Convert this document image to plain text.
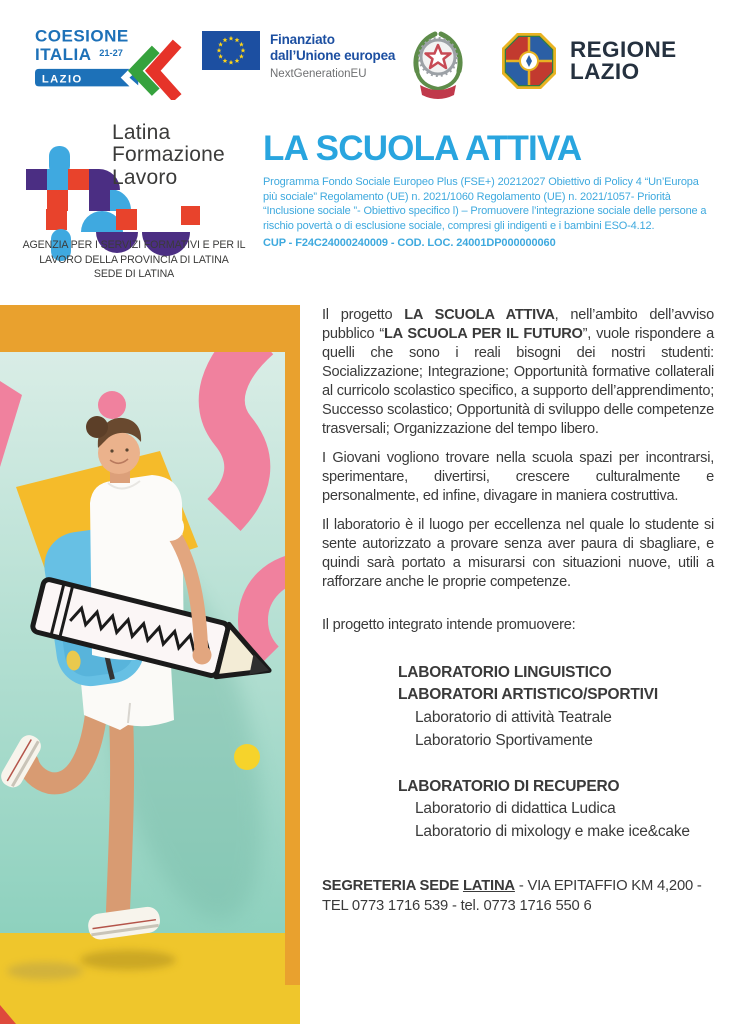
COESIONE
ITALIA 21-27
LAZIO
Finanziato
dall’Unione europea
NextGenerationEU
REGIONE
LAZIO
Latina
Formazione
Lavoro
AGENZIA PER I SERVIZI FORMATIVI E PER IL
LAVORO DELLA PROVINCIA DI LATINA
SEDE DI LATINA
LA SCUOLA ATTIVA

Programma Fondo Sociale Europeo Plus (FSE+) 20212027 Obiettivo di Policy 4 “Un’Europa più sociale” Regolamento (UE) n. 2021/1060 Regolamento (UE) n. 2021/1057- Priorità “Inclusione sociale ”- Obiettivo specifico l) – Promuovere l’integrazione sociale delle persone a rischio povertà o di esclusione sociale, compresi gli indigenti e i bambini ESO-4.12.

CUP - F24C24000240009 - COD. LOC. 24001DP000000060

Il progetto LA SCUOLA ATTIVA, nell’ambito dell’avviso pubblico “LA SCUOLA PER IL FUTURO”, vuole rispondere a quelli che sono i reali bisogni dei nostri studenti: Socializzazione; Integrazione; Opportunità formative collaterali al curricolo scolastico specifico, a supporto dell’apprendimento; Successo scolastico; Opportunità di sviluppo delle competenze trasversali; Organizzazione del tempo libero.

I Giovani vogliono trovare nella scuola spazi per incontrarsi, sperimentare, divertirsi, crescere culturalmente e personalmente, ed infine, divagare in maniera costruttiva.

Il laboratorio è il luogo per eccellenza nel quale lo studente si sente autorizzato a provare senza aver paura di sbagliare, e quindi sarà portato a misurarsi con situazioni nuove, utili a rafforzare anche le proprie competenze.

Il progetto integrato intende promuovere:

LABORATORIO LINGUISTICO
LABORATORI ARTISTICO/SPORTIVI
Laboratorio di attività Teatrale
Laboratorio Sportivamente
LABORATORIO DI RECUPERO
Laboratorio di didattica Ludica
Laboratorio di mixology e make ice&cake
SEGRETERIA SEDE LATINA - VIA EPITAFFIO KM 4,200 -
TEL 0773 1716 539 - tel. 0773 1716 550 6
